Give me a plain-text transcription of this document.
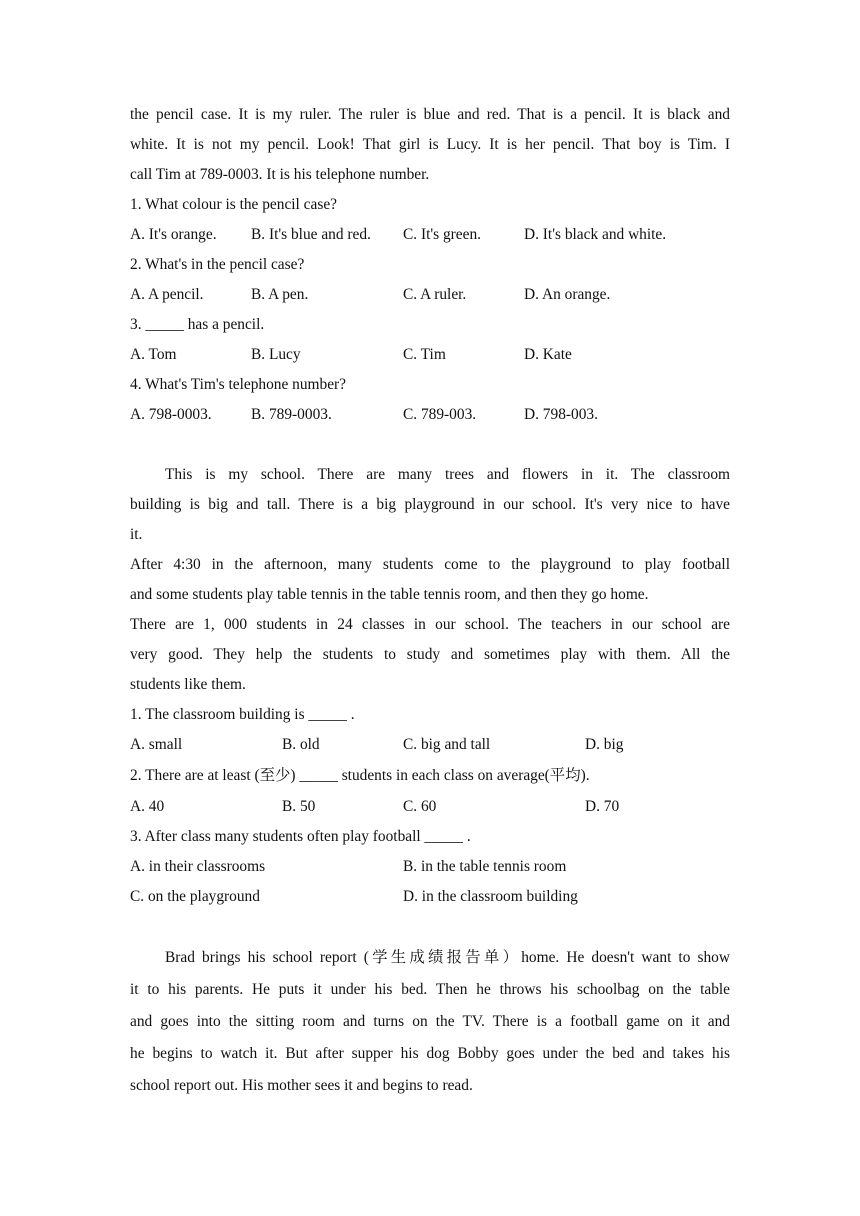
the pencil case. It is my ruler. The ruler is blue and red. That is a pencil. It is black and
white. It is not my pencil. Look! That girl is Lucy. It is her pencil. That boy is Tim. I
call Tim at 789-0003. It is his telephone number.
1. What colour is the pencil case?
A. It's orange.	B. It's blue and red.	C. It's green.	D. It's black and white.
2. What's in the pencil case?
A. A pencil.	B. A pen.	C. A ruler.	D. An orange.
3. _____ has a pencil.
A. Tom	B. Lucy	C. Tim	D. Kate
4. What's Tim's telephone number?
A. 798-0003.	B. 789-0003.	C. 789-003.	D. 798-003.
This is my school. There are many trees and flowers in it. The classroom
building is big and tall. There is a big playground in our school. It's very nice to have
it.
After 4:30 in the afternoon, many students come to the playground to play football
and some students play table tennis in the table tennis room, and then they go home.
There are 1, 000 students in 24 classes in our school. The teachers in our school are
very good. They help the students to study and sometimes play with them. All the
students like them.
1. The classroom building is _____ .
A. small	B. old	C. big and tall	D. big
2. There are at least (至少) _____ students in each class on average(平均).
A. 40	B. 50	C. 60	D. 70
3. After class many students often play football _____ .
A. in their classrooms	B. in the table tennis room
C. on the playground	D. in the classroom building
Brad brings his school report (学生成绩报告单）home. He doesn't want to show
it to his parents. He puts it under his bed. Then he throws his schoolbag on the table
and goes into the sitting room and turns on the TV. There is a football game on it and
he begins to watch it. But after supper his dog Bobby goes under the bed and takes his
school report out. His mother sees it and begins to read.
